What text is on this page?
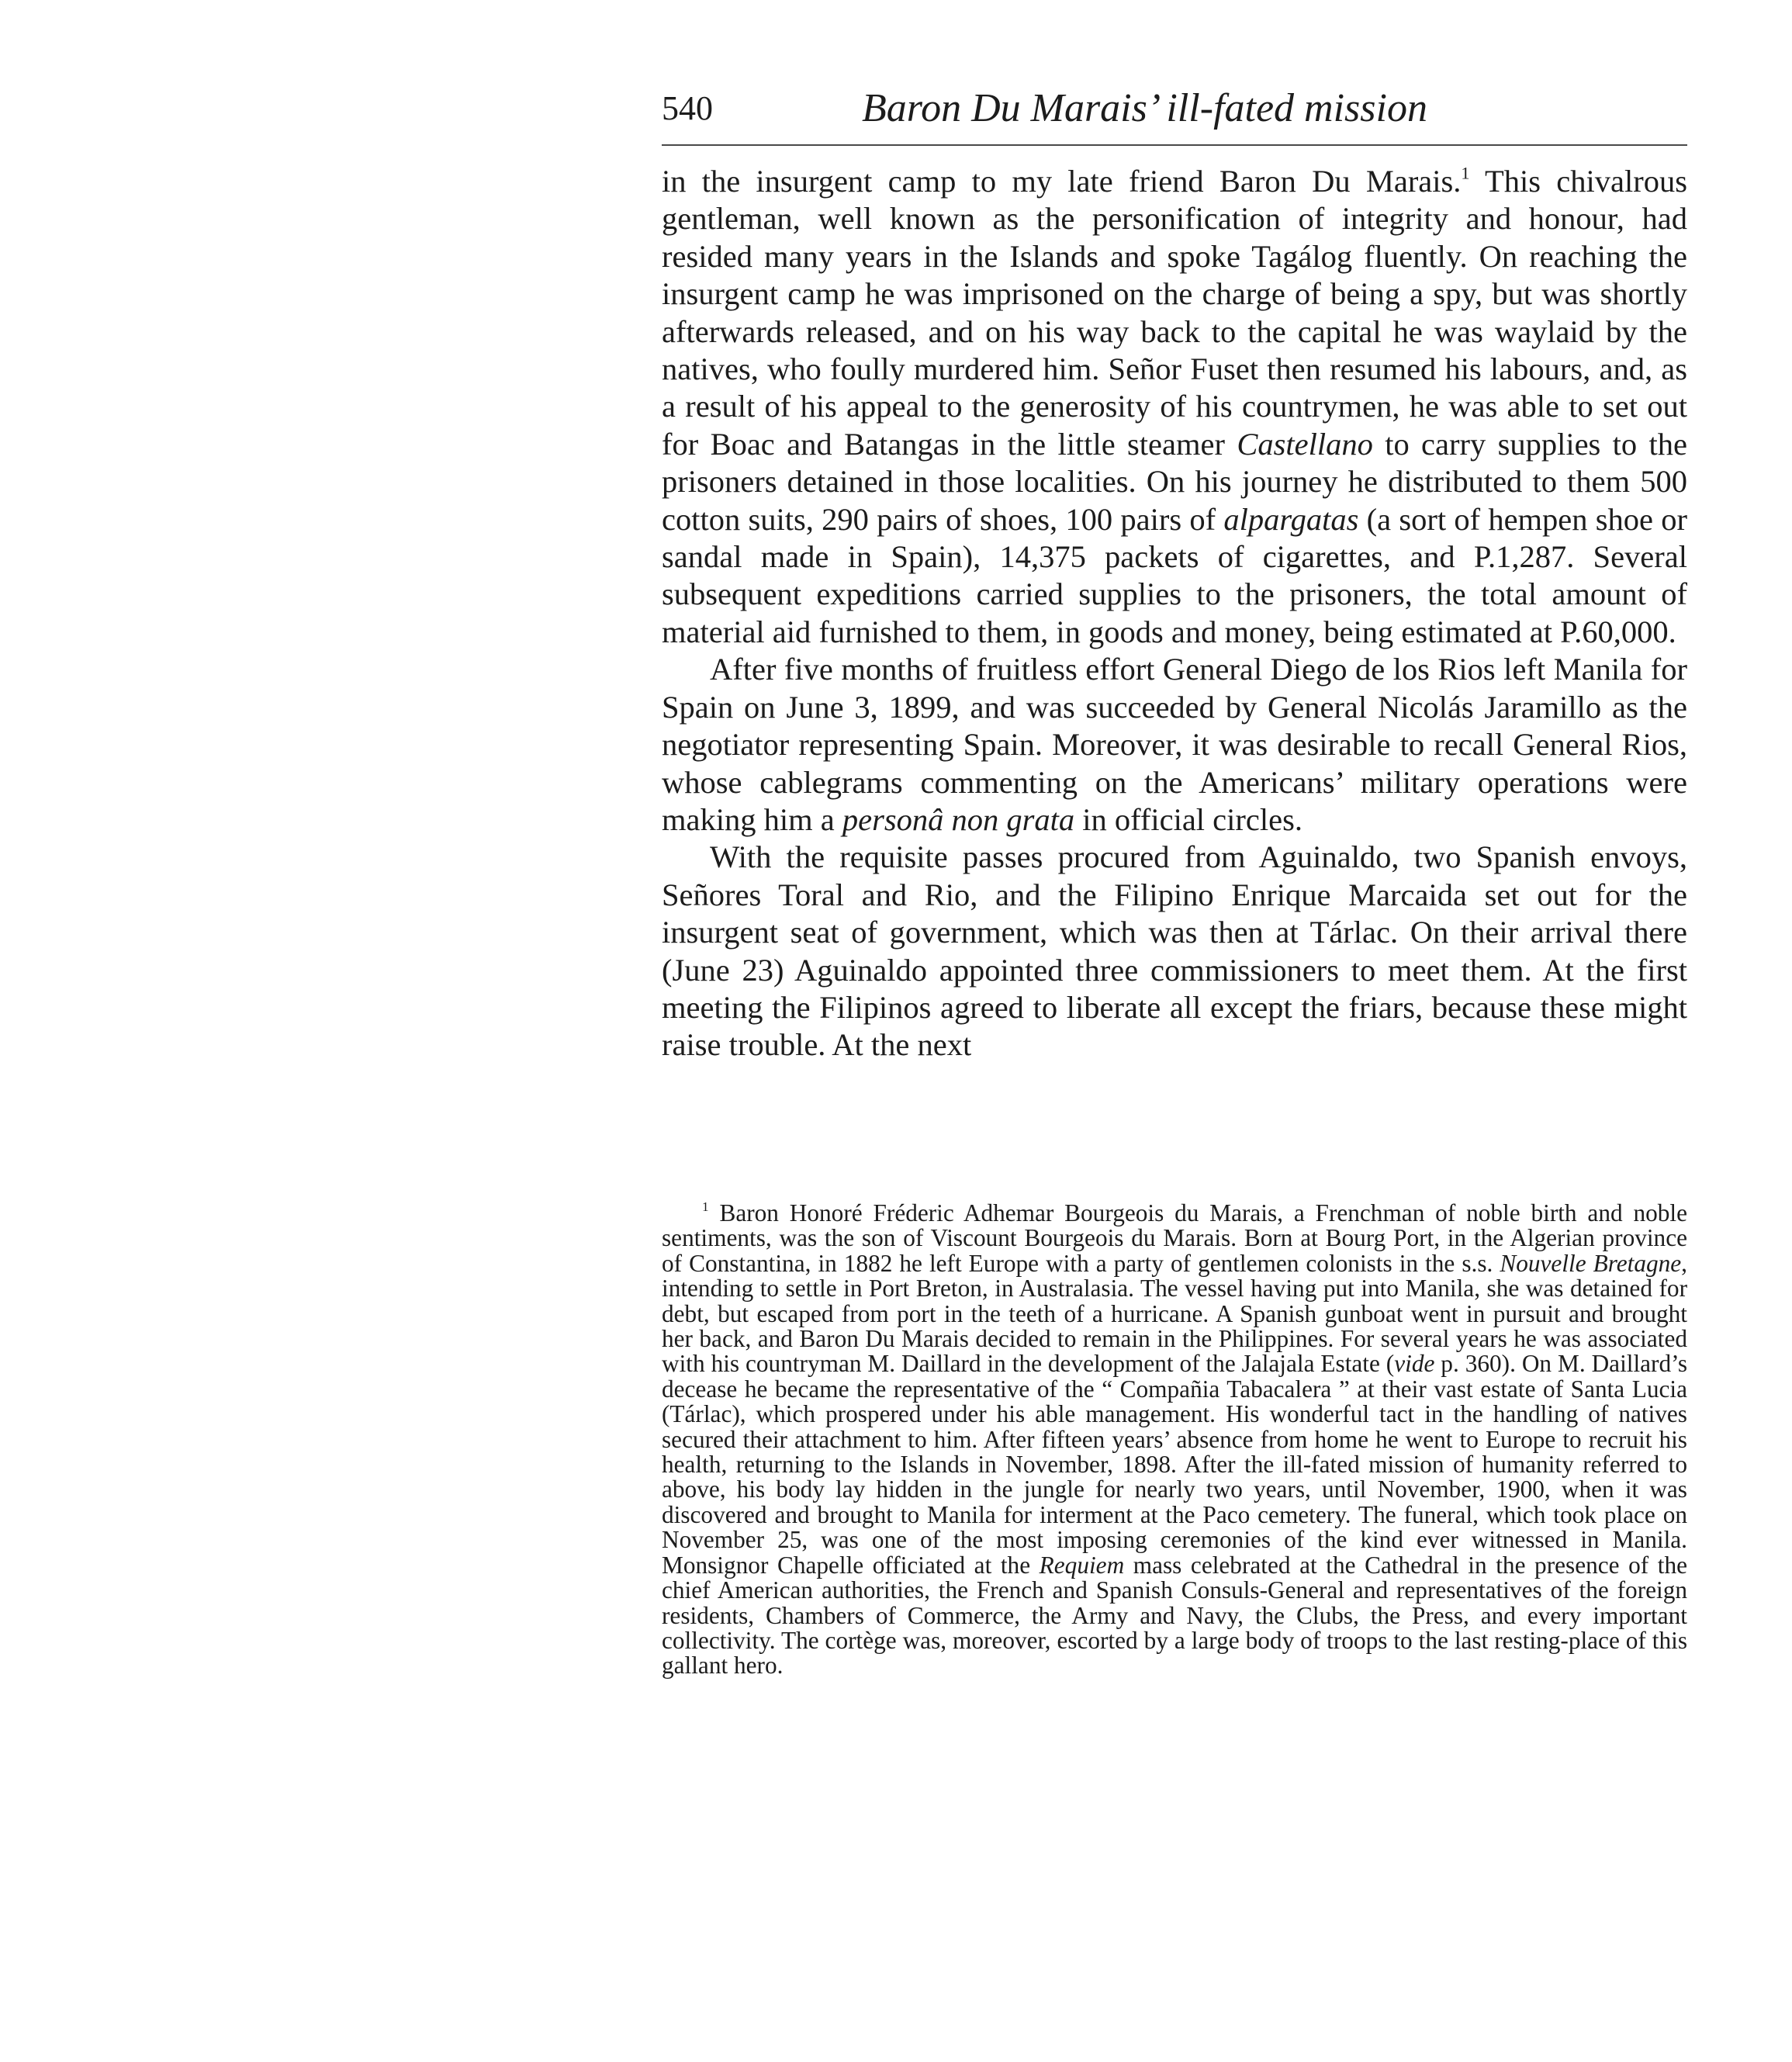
540	Baron Du Marais’ ill-fated mission

in the insurgent camp to my late friend Baron Du Marais.$^1$ This chivalrous gentleman, well known as the personification of integrity and honour, had resided many years in the Islands and spoke Tagálog fluently. On reaching the insurgent camp he was imprisoned on the charge of being a spy, but was shortly afterwards released, and on his way back to the capital he was waylaid by the natives, who foully murdered him. Señor Fuset then resumed his labours, and, as a result of his appeal to the generosity of his countrymen, he was able to set out for Boac and Batangas in the little steamer Castellano to carry supplies to the prisoners detained in those localities. On his journey he distributed to them 500 cotton suits, 290 pairs of shoes, 100 pairs of alpargatas (a sort of hempen shoe or sandal made in Spain), 14,375 packets of cigarettes, and P.1,287. Several subsequent expeditions carried supplies to the prisoners, the total amount of material aid furnished to them, in goods and money, being estimated at P.60,000.

After five months of fruitless effort General Diego de los Rios left Manila for Spain on June 3, 1899, and was succeeded by General Nicolás Jaramillo as the negotiator representing Spain. Moreover, it was desirable to recall General Rios, whose cablegrams commenting on the Americans’ military operations were making him a personâ non grata in official circles.

With the requisite passes procured from Aguinaldo, two Spanish envoys, Señores Toral and Rio, and the Filipino Enrique Marcaida set out for the insurgent seat of government, which was then at Tárlac. On their arrival there (June 23) Aguinaldo appointed three commissioners to meet them. At the first meeting the Filipinos agreed to liberate all except the friars, because these might raise trouble. At the next

$^1$ Baron Honoré Fréderic Adhemar Bourgeois du Marais, a Frenchman of noble birth and noble sentiments, was the son of Viscount Bourgeois du Marais. Born at Bourg Port, in the Algerian province of Constantina, in 1882 he left Europe with a party of gentlemen colonists in the s.s. Nouvelle Bretagne, intending to settle in Port Breton, in Australasia. The vessel having put into Manila, she was detained for debt, but escaped from port in the teeth of a hurricane. A Spanish gunboat went in pursuit and brought her back, and Baron Du Marais decided to remain in the Philippines. For several years he was associated with his countryman M. Daillard in the development of the Jalajala Estate (vide p. 360). On M. Daillard’s decease he became the representative of the “ Compañia Tabacalera ” at their vast estate of Santa Lucia (Tárlac), which prospered under his able management. His wonderful tact in the handling of natives secured their attachment to him. After fifteen years’ absence from home he went to Europe to recruit his health, returning to the Islands in November, 1898. After the ill-fated mission of humanity referred to above, his body lay hidden in the jungle for nearly two years, until November, 1900, when it was discovered and brought to Manila for interment at the Paco cemetery. The funeral, which took place on November 25, was one of the most imposing ceremonies of the kind ever witnessed in Manila. Monsignor Chapelle officiated at the Requiem mass celebrated at the Cathedral in the presence of the chief American authorities, the French and Spanish Consuls-General and representatives of the foreign residents, Chambers of Commerce, the Army and Navy, the Clubs, the Press, and every important collectivity. The cortège was, moreover, escorted by a large body of troops to the last resting-place of this gallant hero.
